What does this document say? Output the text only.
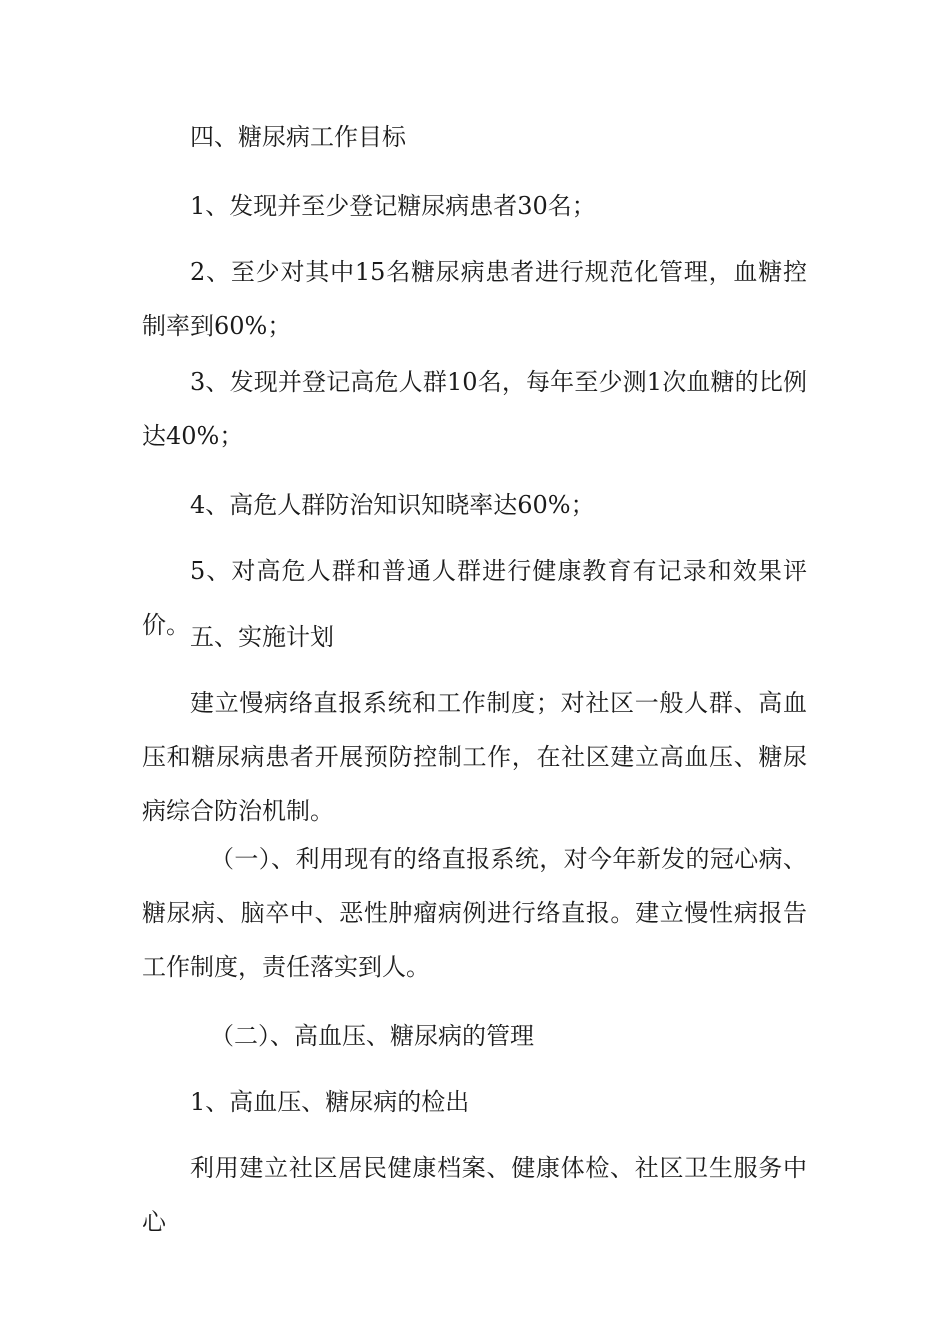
四、糖尿病工作目标

1、发现并至少登记糖尿病患者30名；

2、至少对其中15名糖尿病患者进行规范化管理，血糖控制率到60%；

3、发现并登记高危人群10名，每年至少测1次血糖的比例达40%；

4、高危人群防治知识知晓率达60%；

5、对高危人群和普通人群进行健康教育有记录和效果评价。 五、实施计划

建立慢病络直报系统和工作制度；对社区一般人群、高血压和糖尿病患者开展预防控制工作，在社区建立高血压、糖尿病综合防治机制。

（一）、利用现有的络直报系统，对今年新发的冠心病、糖尿病、脑卒中、恶性肿瘤病例进行络直报。建立慢性病报告工作制度，责任落实到人。

（二）、高血压、糖尿病的管理

1、高血压、糖尿病的检出

利用建立社区居民健康档案、健康体检、社区卫生服务中心
